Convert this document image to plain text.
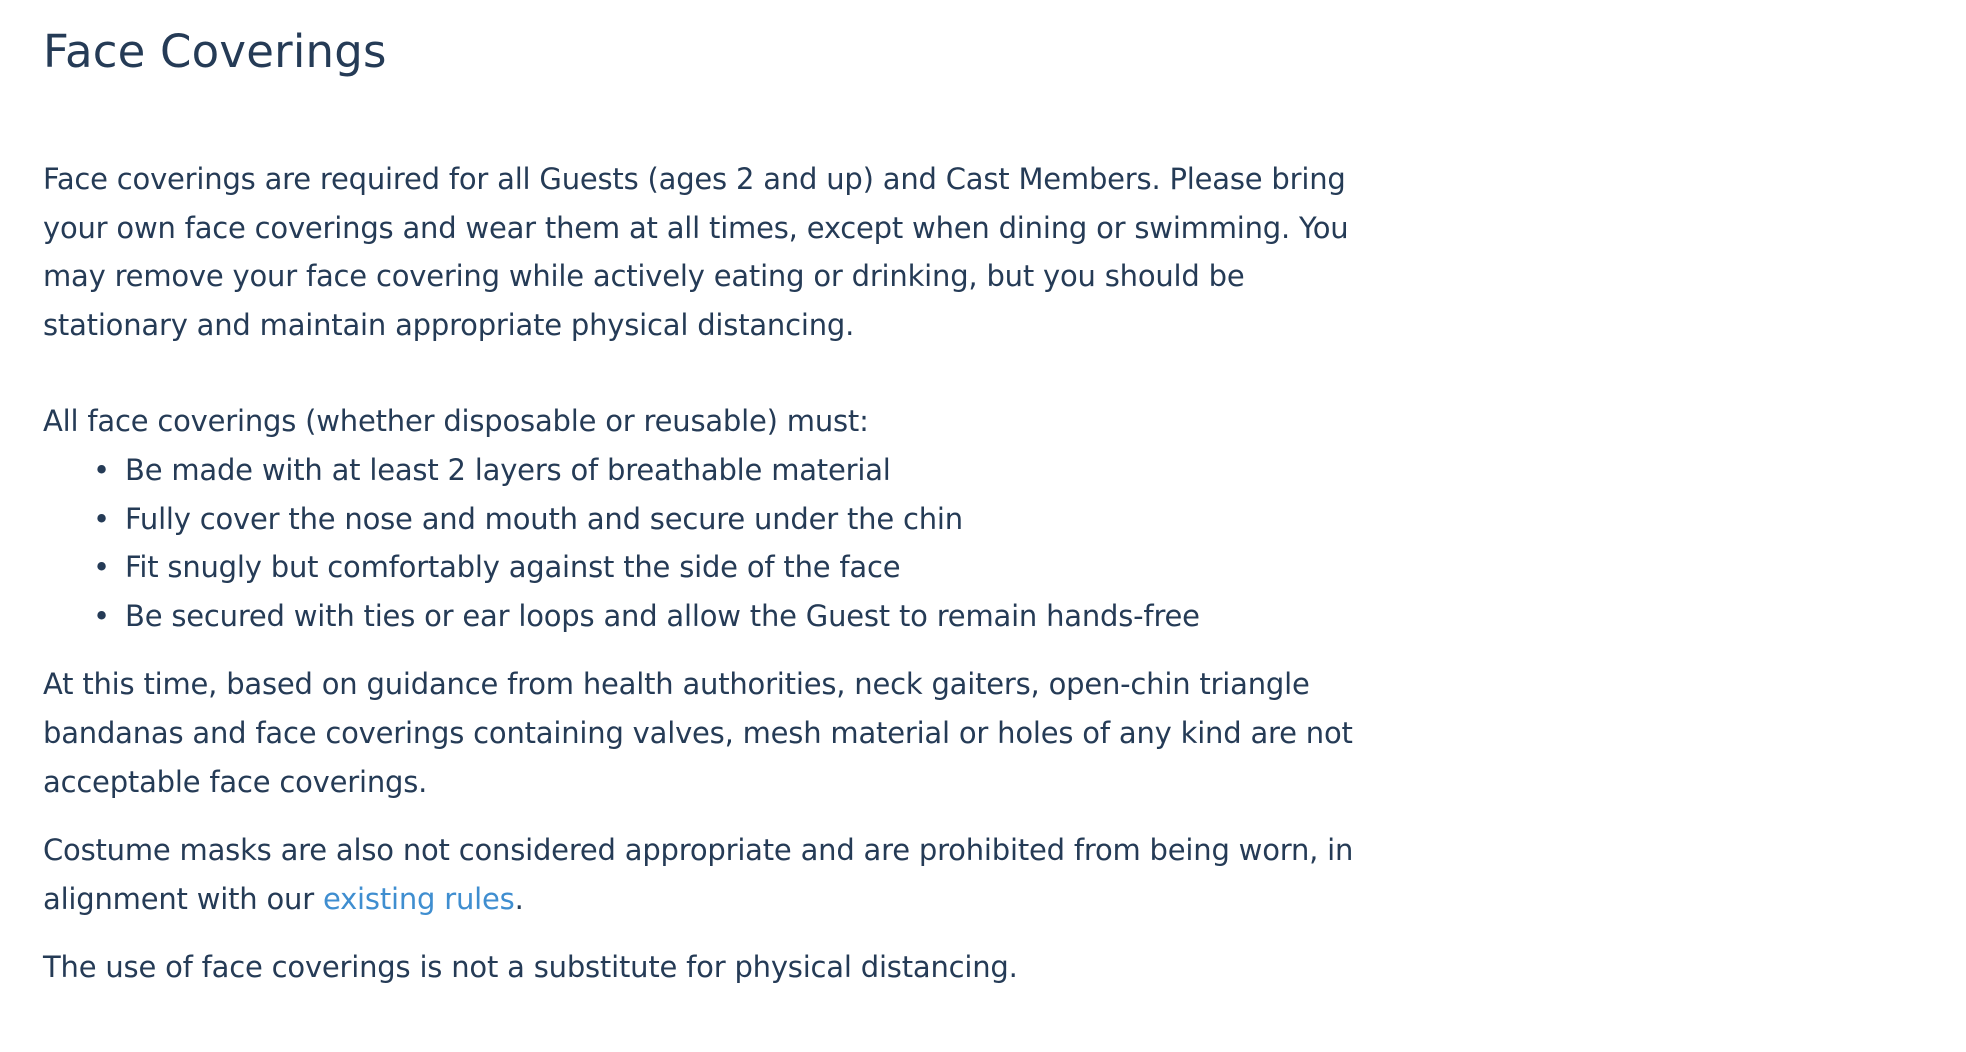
Face Coverings

Face coverings are required for all Guests (ages 2 and up) and Cast Members. Please bring your own face coverings and wear them at all times, except when dining or swimming. You may remove your face covering while actively eating or drinking, but you should be stationary and maintain appropriate physical distancing.

All face coverings (whether disposable or reusable) must:

• Be made with at least 2 layers of breathable material
• Fully cover the nose and mouth and secure under the chin
• Fit snugly but comfortably against the side of the face
• Be secured with ties or ear loops and allow the Guest to remain hands-free

At this time, based on guidance from health authorities, neck gaiters, open-chin triangle bandanas and face coverings containing valves, mesh material or holes of any kind are not acceptable face coverings.

Costume masks are also not considered appropriate and are prohibited from being worn, in alignment with our existing rules.

The use of face coverings is not a substitute for physical distancing.
